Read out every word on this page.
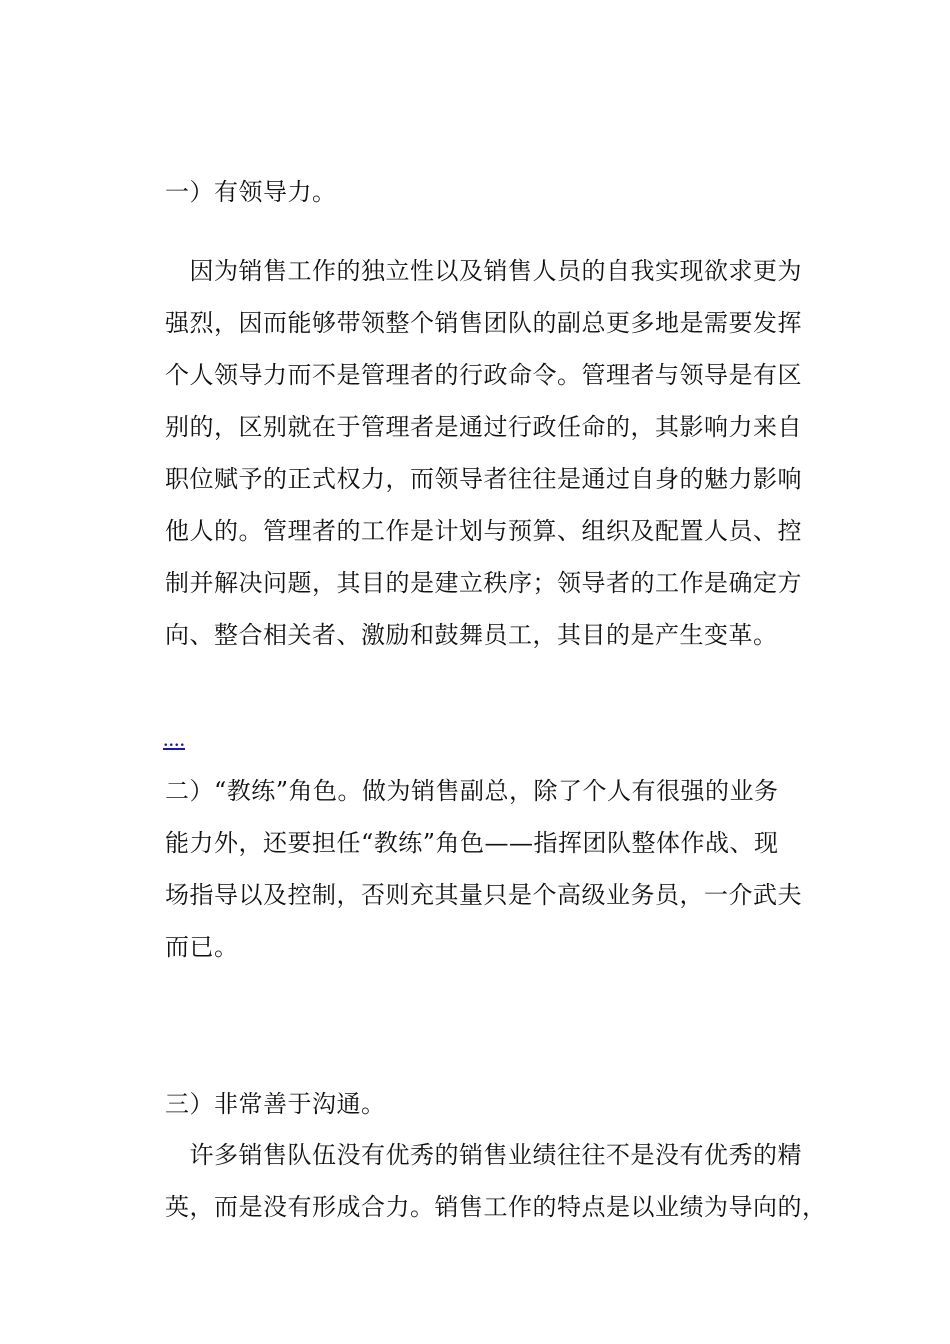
一）有领导力。
　因为销售工作的独立性以及销售人员的自我实现欲求更为
强烈，因而能够带领整个销售团队的副总更多地是需要发挥
个人领导力而不是管理者的行政命令。管理者与领导是有区
别的，区别就在于管理者是通过行政任命的，其影响力来自
职位赋予的正式权力，而领导者往往是通过自身的魅力影响
他人的。管理者的工作是计划与预算、组织及配置人员、控
制并解决问题，其目的是建立秩序；领导者的工作是确定方
向、整合相关者、激励和鼓舞员工，其目的是产生变革。
....
二）“教练”角色。做为销售副总，除了个人有很强的业务
能力外，还要担任“教练”角色——指挥团队整体作战、现
场指导以及控制，否则充其量只是个高级业务员，一介武夫
而已。
三）非常善于沟通。
　许多销售队伍没有优秀的销售业绩往往不是没有优秀的精
英，而是没有形成合力。销售工作的特点是以业绩为导向的，
